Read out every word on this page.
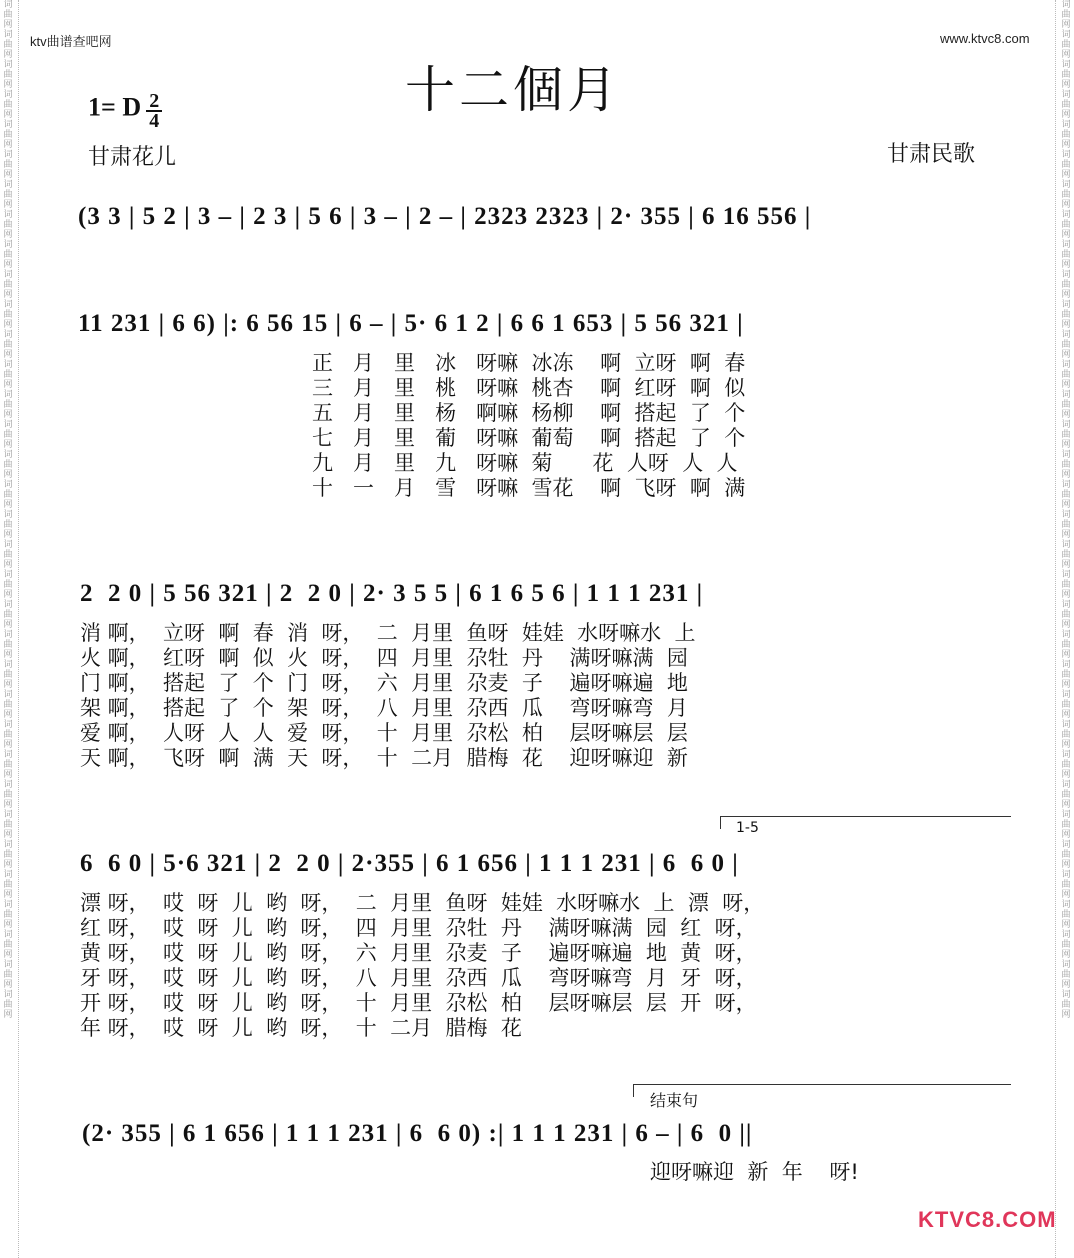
词曲网词曲网词曲网词曲网词曲网词曲网词曲网词曲网词曲网词曲网词曲网词曲网词曲网词曲网词曲网词曲网词曲网词曲网词曲网词曲网词曲网词曲网词曲网词曲网词曲网词曲网词曲网词曲网词曲网词曲网词曲网词曲网词曲网词曲网
词曲网词曲网词曲网词曲网词曲网词曲网词曲网词曲网词曲网词曲网词曲网词曲网词曲网词曲网词曲网词曲网词曲网词曲网词曲网词曲网词曲网词曲网词曲网词曲网词曲网词曲网词曲网词曲网词曲网词曲网词曲网词曲网词曲网词曲网
ktv曲谱查吧网	www.ktvc8.com
十二個月
1= D $\frac{2}{4}$
甘肃花儿	甘肃民歌
(3 3 | 5 2 | 3 – | 2 3 | 5 6 | 3 – | 2 – | 2323 2323 | 2· 355 | 6 16 556 |
11 231 | 6 6) |: 6 56 15 | 6 – | 5· 6 1 2 | 6 6 1 653 | 5 56 321 |
正   月   里   冰   呀嘛  冰冻    啊  立呀  啊  春
三   月   里   桃   呀嘛  桃杏    啊  红呀  啊  似
五   月   里   杨   啊嘛  杨柳    啊  搭起  了  个
七   月   里   葡   呀嘛  葡萄    啊  搭起  了  个
九   月   里   九   呀嘛  菊      花  人呀  人  人
十   一   月   雪   呀嘛  雪花    啊  飞呀  啊  满
2  2 0 | 5 56 321 | 2  2 0 | 2· 3 5 5 | 6 1 6 5 6 | 1 1 1 231 |
消 啊，  立呀  啊  春  消  呀，  二  月里  鱼呀  娃娃  水呀嘛水  上
火 啊，  红呀  啊  似  火  呀，  四  月里  尕牡  丹    满呀嘛满  园
门 啊，  搭起  了  个  门  呀，  六  月里  尕麦  子    遍呀嘛遍  地
架 啊，  搭起  了  个  架  呀，  八  月里  尕西  瓜    弯呀嘛弯  月
爱 啊，  人呀  人  人  爱  呀，  十  月里  尕松  柏    层呀嘛层  层
天 啊，  飞呀  啊  满  天  呀，  十  二月  腊梅  花    迎呀嘛迎  新
1-5
6  6 0 | 5·6 321 | 2  2 0 | 2·355 | 6 1 656 | 1 1 1 231 | 6  6 0 |
漂 呀，  哎  呀  儿  哟  呀，  二  月里  鱼呀  娃娃  水呀嘛水  上  漂  呀，
红 呀，  哎  呀  儿  哟  呀，  四  月里  尕牡  丹    满呀嘛满  园  红  呀，
黄 呀，  哎  呀  儿  哟  呀，  六  月里  尕麦  子    遍呀嘛遍  地  黄  呀，
牙 呀，  哎  呀  儿  哟  呀，  八  月里  尕西  瓜    弯呀嘛弯  月  牙  呀，
开 呀，  哎  呀  儿  哟  呀，  十  月里  尕松  柏    层呀嘛层  层  开  呀，
年 呀，  哎  呀  儿  哟  呀，  十  二月  腊梅  花
结束句
(2· 355 | 6 1 656 | 1 1 1 231 | 6  6 0) :| 1 1 1 231 | 6 – | 6  0 ||
迎呀嘛迎  新  年    呀!
KTVC8.COM
